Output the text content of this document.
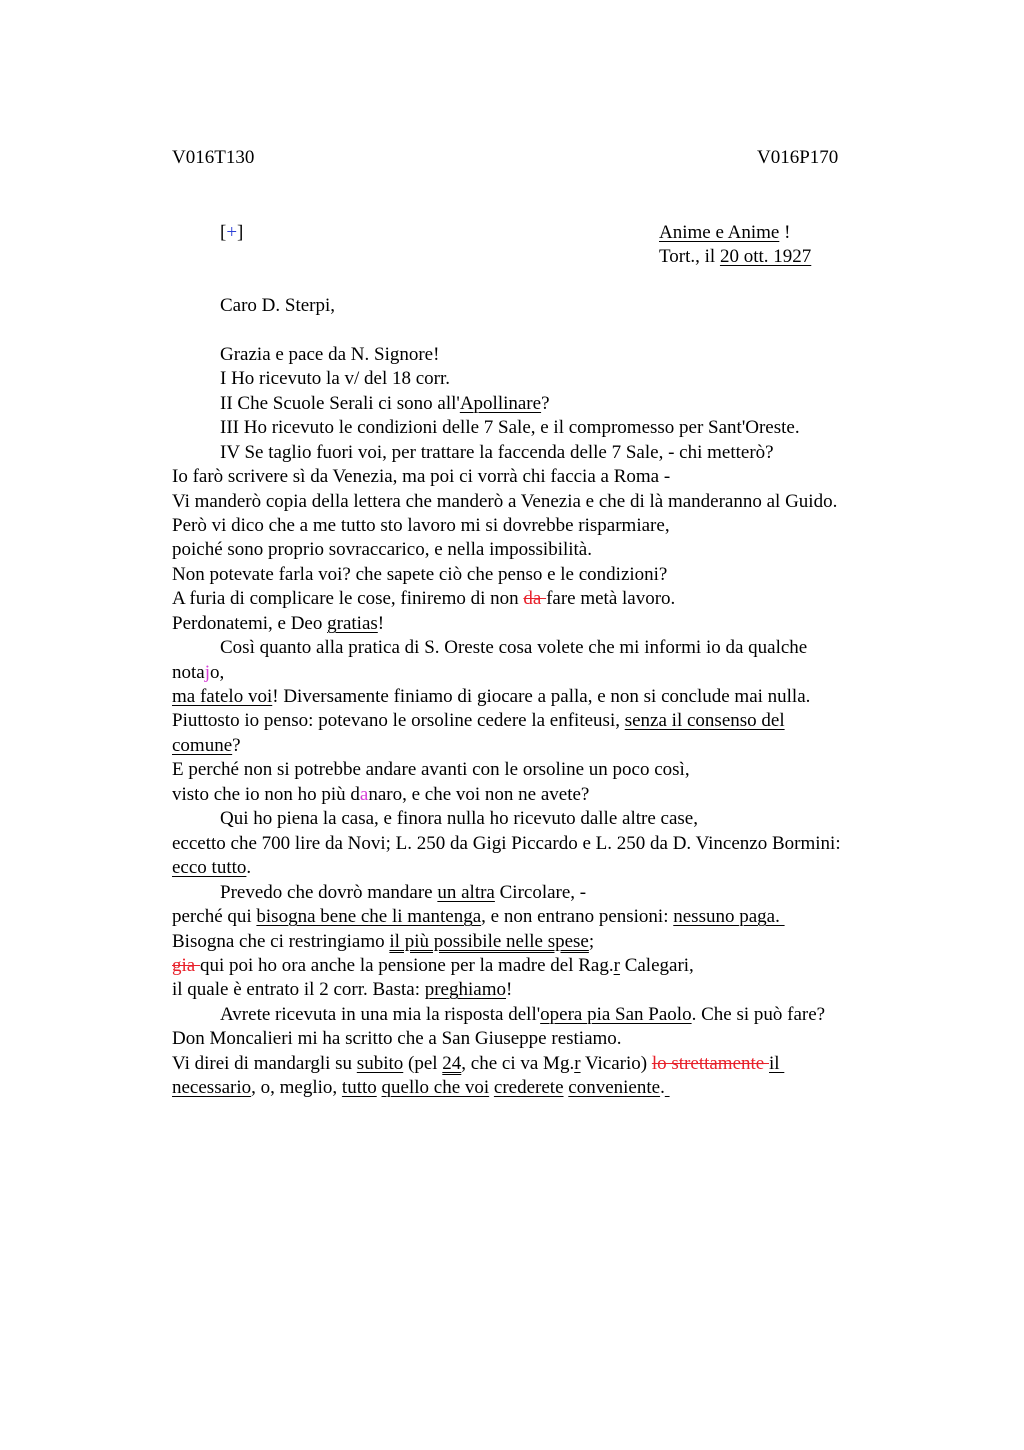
V016T130	V016P170
[+]	Anime e Anime !
Tort., il 20 ott. 1927
Caro D. Sterpi,
Grazia e pace da N. Signore!
I Ho ricevuto la v/ del 18 corr.
II Che Scuole Serali ci sono all'Apollinare?
III Ho ricevuto le condizioni delle 7 Sale, e il compromesso per Sant'Oreste.
IV Se taglio fuori voi, per trattare la faccenda delle 7 Sale, - chi metterò?
Io farò scrivere sì da Venezia, ma poi ci vorrà chi faccia a Roma -
Vi manderò copia della lettera che manderò a Venezia e che di là manderanno al Guido.
Però vi dico che a me tutto sto lavoro mi si dovrebbe risparmiare,
poiché sono proprio sovraccarico, e nella impossibilità.
Non potevate farla voi? che sapete ciò che penso e le condizioni?
A furia di complicare le cose, finiremo di non da fare metà lavoro.
Perdonatemi, e Deo gratias!
Così quanto alla pratica di S. Oreste cosa volete che mi informi io da qualche
notajo,
ma fatelo voi! Diversamente finiamo di giocare a palla, e non si conclude mai nulla.
Piuttosto io penso: potevano le orsoline cedere la enfiteusi, senza il consenso del
comune?
E perché non si potrebbe andare avanti con le orsoline un poco così,
visto che io non ho più danaro, e che voi non ne avete?
Qui ho piena la casa, e finora nulla ho ricevuto dalle altre case,
eccetto che 700 lire da Novi; L. 250 da Gigi Piccardo e L. 250 da D. Vincenzo Bormini:
ecco tutto.
Prevedo che dovrò mandare un altra Circolare, -
perché qui bisogna bene che li mantenga, e non entrano pensioni: nessuno paga.
Bisogna che ci restringiamo il più possibile nelle spese;
gia qui poi ho ora anche la pensione per la madre del Rag.r Calegari,
il quale è entrato il 2 corr. Basta: preghiamo!
Avrete ricevuta in una mia la risposta dell'opera pia San Paolo. Che si può fare?
Don Moncalieri mi ha scritto che a San Giuseppe restiamo.
Vi direi di mandargli su subito (pel 24, che ci va Mg.r Vicario) lo strettamente il
necessario, o, meglio, tutto quello che voi crederete conveniente.
